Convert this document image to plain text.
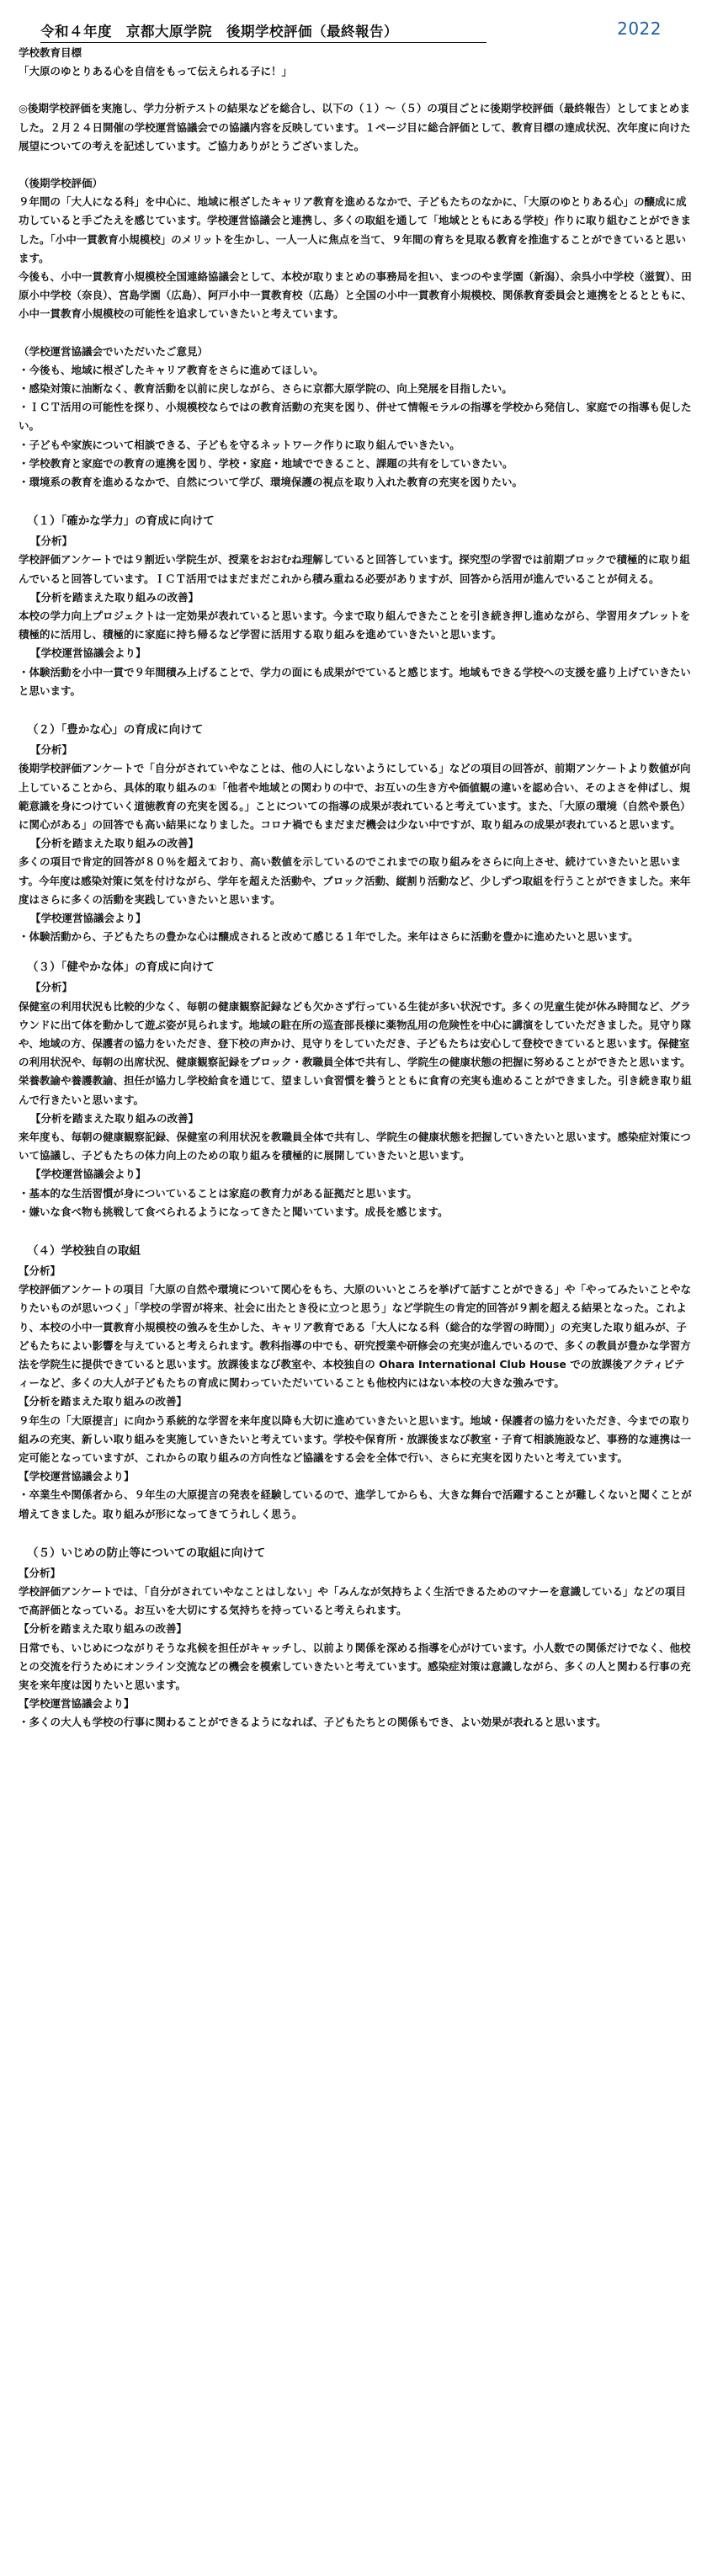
令和４年度　京都大原学院　後期学校評価（最終報告）	2022

学校教育目標

「大原のゆとりある心を自信をもって伝えられる子に！」

◎後期学校評価を実施し、学力分析テストの結果などを総合し、以下の（１）～（５）の項目ごとに後期学校評価（最終報告）としてまとめました。２月２４日開催の学校運営協議会での協議内容を反映しています。１ページ目に総合評価として、教育目標の達成状況、次年度に向けた展望についての考えを記述しています。ご協力ありがとうございました。

（後期学校評価）

９年間の「大人になる科」を中心に、地域に根ざしたキャリア教育を進めるなかで、子どもたちのなかに、「大原のゆとりある心」の醸成に成功していると手ごたえを感じています。学校運営協議会と連携し、多くの取組を通して「地域とともにある学校」作りに取り組むことができました。「小中一貫教育小規模校」のメリットを生かし、一人一人に焦点を当て、９年間の育ちを見取る教育を推進することができていると思います。

今後も、小中一貫教育小規模校全国連絡協議会として、本校が取りまとめの事務局を担い、まつのやま学園（新潟）、余呉小中学校（滋賀）、田原小中学校（奈良）、宮島学園（広島）、阿戸小中一貫教育校（広島）と全国の小中一貫教育小規模校、関係教育委員会と連携をとるとともに、小中一貫教育小規模校の可能性を追求していきたいと考えています。

（学校運営協議会でいただいたご意見）

・今後も、地域に根ざしたキャリア教育をさらに進めてほしい。
・感染対策に油断なく、教育活動を以前に戻しながら、さらに京都大原学院の、向上発展を目指したい。
・ＩＣＴ活用の可能性を探り、小規模校ならではの教育活動の充実を図り、併せて情報モラルの指導を学校から発信し、家庭での指導も促したい。
・子どもや家族について相談できる、子どもを守るネットワーク作りに取り組んでいきたい。
・学校教育と家庭での教育の連携を図り、学校・家庭・地域でできること、課題の共有をしていきたい。
・環境系の教育を進めるなかで、自然について学び、環境保護の視点を取り入れた教育の充実を図りたい。

（１）「確かな学力」の育成に向けて

【分析】

学校評価アンケートでは９割近い学院生が、授業をおおむね理解していると回答しています。探究型の学習では前期ブロックで積極的に取り組んでいると回答しています。ＩＣＴ活用ではまだまだこれから積み重ねる必要がありますが、回答から活用が進んでいることが伺える。

【分析を踏まえた取り組みの改善】

本校の学力向上プロジェクトは一定効果が表れていると思います。今まで取り組んできたことを引き続き押し進めながら、学習用タブレットを積極的に活用し、積極的に家庭に持ち帰るなど学習に活用する取り組みを進めていきたいと思います。

【学校運営協議会より】

・体験活動を小中一貫で９年間積み上げることで、学力の面にも成果がでていると感じます。地域もできる学校への支援を盛り上げていきたいと思います。

（２）「豊かな心」の育成に向けて

【分析】

後期学校評価アンケートで「自分がされていやなことは、他の人にしないようにしている」などの項目の回答が、前期アンケートより数値が向上していることから、具体的取り組みの①「他者や地域との関わりの中で、お互いの生き方や価値観の違いを認め合い、そのよさを伸ばし、規範意識を身につけていく道徳教育の充実を図る。」ことについての指導の成果が表れていると考えています。また、「大原の環境（自然や景色）に関心がある」の回答でも高い結果になりました。コロナ禍でもまだまだ機会は少ない中ですが、取り組みの成果が表れていると思います。

【分析を踏まえた取り組みの改善】

多くの項目で肯定的回答が８０％を超えており、高い数値を示しているのでこれまでの取り組みをさらに向上させ、続けていきたいと思います。今年度は感染対策に気を付けながら、学年を超えた活動や、ブロック活動、縦割り活動など、少しずつ取組を行うことができました。来年度はさらに多くの活動を実践していきたいと思います。

【学校運営協議会より】

・体験活動から、子どもたちの豊かな心は醸成されると改めて感じる１年でした。来年はさらに活動を豊かに進めたいと思います。

（３）「健やかな体」の育成に向けて

【分析】

保健室の利用状況も比較的少なく、毎朝の健康観察記録なども欠かさず行っている生徒が多い状況です。多くの児童生徒が休み時間など、グラウンドに出て体を動かして遊ぶ姿が見られます。地域の駐在所の巡査部長様に薬物乱用の危険性を中心に講演をしていただきました。見守り隊や、地域の方、保護者の協力をいただき、登下校の声かけ、見守りをしていただき、子どもたちは安心して登校できていると思います。保健室の利用状況や、毎朝の出席状況、健康観察記録をブロック・教職員全体で共有し、学院生の健康状態の把握に努めることができたと思います。栄養教諭や養護教諭、担任が協力し学校給食を通じて、望ましい食習慣を養うとともに食育の充実も進めることができました。引き続き取り組んで行きたいと思います。

【分析を踏まえた取り組みの改善】

来年度も、毎朝の健康観察記録、保健室の利用状況を教職員全体で共有し、学院生の健康状態を把握していきたいと思います。感染症対策について協議し、子どもたちの体力向上のための取り組みを積極的に展開していきたいと思います。

【学校運営協議会より】

・基本的な生活習慣が身についていることは家庭の教育力がある証拠だと思います。
・嫌いな食べ物も挑戦して食べられるようになってきたと聞いています。成長を感じます。

（４）学校独自の取組

【分析】

学校評価アンケートの項目「大原の自然や環境について関心をもち、大原のいいところを挙げて話すことができる」や「やってみたいことやなりたいものが思いつく」「学校の学習が将来、社会に出たとき役に立つと思う」など学院生の肯定的回答が９割を超える結果となった。これより、本校の小中一貫教育小規模校の強みを生かした、キャリア教育である「大人になる科（総合的な学習の時間）」の充実した取り組みが、子どもたちによい影響を与えていると考えられます。教科指導の中でも、研究授業や研修会の充実が進んでいるので、多くの教員が豊かな学習方法を学院生に提供できていると思います。放課後まなび教室や、本校独自の Ohara International Club House での放課後アクティビティーなど、多くの大人が子どもたちの育成に関わっていただいていることも他校内にはない本校の大きな強みです。

【分析を踏まえた取り組みの改善】

９年生の「大原提言」に向かう系統的な学習を来年度以降も大切に進めていきたいと思います。地域・保護者の協力をいただき、今までの取り組みの充実、新しい取り組みを実施していきたいと考えています。学校や保育所・放課後まなび教室・子育て相談施設など、事務的な連携は一定可能となっていますが、これからの取り組みの方向性など協議をする会を全体で行い、さらに充実を図りたいと考えています。

【学校運営協議会より】

・卒業生や関係者から、９年生の大原提言の発表を経験しているので、進学してからも、大きな舞台で活躍することが難しくないと聞くことが増えてきました。取り組みが形になってきてうれしく思う。

（５）いじめの防止等についての取組に向けて

【分析】

学校評価アンケートでは、「自分がされていやなことはしない」や「みんなが気持ちよく生活できるためのマナーを意識している」などの項目で高評価となっている。お互いを大切にする気持ちを持っていると考えられます。

【分析を踏まえた取り組みの改善】

日常でも、いじめにつながりそうな兆候を担任がキャッチし、以前より関係を深める指導を心がけています。小人数での関係だけでなく、他校との交流を行うためにオンライン交流などの機会を模索していきたいと考えています。感染症対策は意識しながら、多くの人と関わる行事の充実を来年度は図りたいと思います。

【学校運営協議会より】

・多くの大人も学校の行事に関わることができるようになれば、子どもたちとの関係もでき、よい効果が表れると思います。
